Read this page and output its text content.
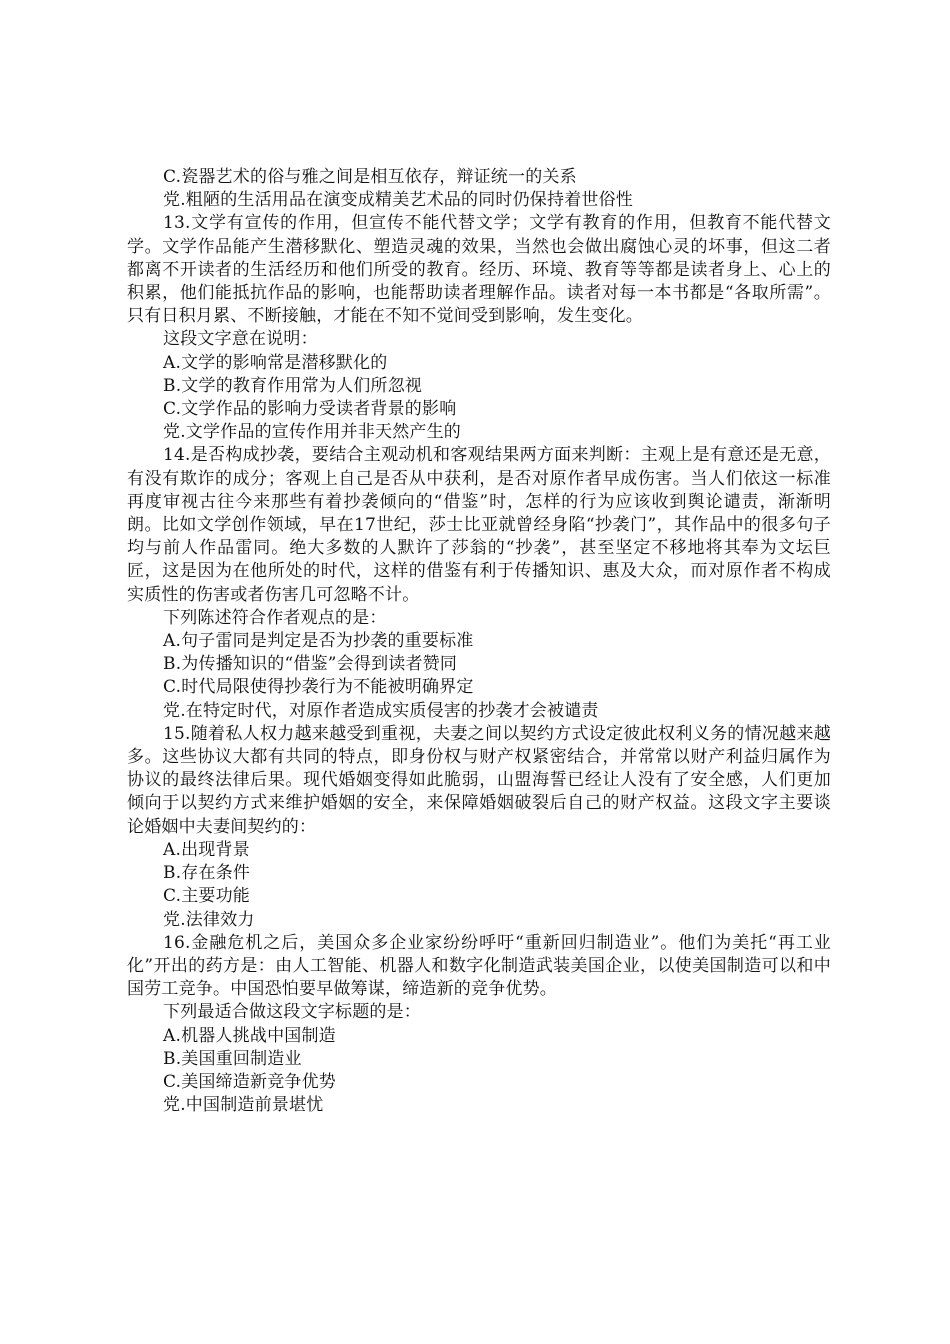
C.瓷器艺术的俗与雅之间是相互依存，辩证统一的关系

党.粗陋的生活用品在演变成精美艺术品的同时仍保持着世俗性

13.文学有宣传的作用，但宣传不能代替文学；文学有教育的作用，但教育不能代替文学。文学作品能产生潜移默化、塑造灵魂的效果，当然也会做出腐蚀心灵的坏事，但这二者都离不开读者的生活经历和他们所受的教育。经历、环境、教育等等都是读者身上、心上的积累，他们能抵抗作品的影响，也能帮助读者理解作品。读者对每一本书都是“各取所需”。只有日积月累、不断接触，才能在不知不觉间受到影响，发生变化。

这段文字意在说明：

A.文学的影响常是潜移默化的

B.文学的教育作用常为人们所忽视

C.文学作品的影响力受读者背景的影响

党.文学作品的宣传作用并非天然产生的

14.是否构成抄袭，要结合主观动机和客观结果两方面来判断：主观上是有意还是无意，有没有欺诈的成分；客观上自己是否从中获利，是否对原作者早成伤害。当人们依这一标准再度审视古往今来那些有着抄袭倾向的“借鉴”时，怎样的行为应该收到舆论谴责，渐渐明朗。比如文学创作领域，早在17世纪，莎士比亚就曾经身陷“抄袭门”，其作品中的很多句子均与前人作品雷同。绝大多数的人默许了莎翁的“抄袭”，甚至坚定不移地将其奉为文坛巨匠，这是因为在他所处的时代，这样的借鉴有利于传播知识、惠及大众，而对原作者不构成实质性的伤害或者伤害几可忽略不计。

下列陈述符合作者观点的是：

A.句子雷同是判定是否为抄袭的重要标准

B.为传播知识的“借鉴”会得到读者赞同

C.时代局限使得抄袭行为不能被明确界定

党.在特定时代，对原作者造成实质侵害的抄袭才会被谴责

15.随着私人权力越来越受到重视，夫妻之间以契约方式设定彼此权利义务的情况越来越多。这些协议大都有共同的特点，即身份权与财产权紧密结合，并常常以财产利益归属作为协议的最终法律后果。现代婚姻变得如此脆弱，山盟海誓已经让人没有了安全感，人们更加倾向于以契约方式来维护婚姻的安全，来保障婚姻破裂后自己的财产权益。这段文字主要谈论婚姻中夫妻间契约的：

A.出现背景

B.存在条件

C.主要功能

党.法律效力

16.金融危机之后，美国众多企业家纷纷呼吁“重新回归制造业”。他们为美托“再工业化”开出的药方是：由人工智能、机器人和数字化制造武装美国企业，以使美国制造可以和中国劳工竞争。中国恐怕要早做筹谋，缔造新的竞争优势。

下列最适合做这段文字标题的是：

A.机器人挑战中国制造

B.美国重回制造业

C.美国缔造新竞争优势

党.中国制造前景堪忧
